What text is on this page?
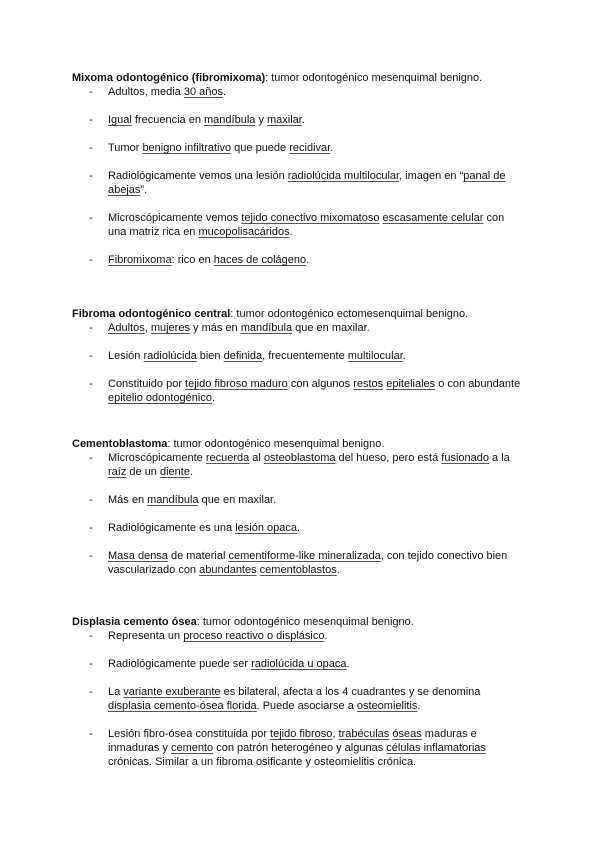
Mixoma odontogénico (fibromixoma): tumor odontogénico mesenquimal benigno.

- Adultos, media 30 años.
- Igual frecuencia en mandíbula y maxilar.
- Tumor benigno infiltrativo que puede recidivar.
- Radiológicamente vemos una lesión radiolúcida multilocular, imagen en “panal de abejas”.
- Microscópicamente vemos tejido conectivo mixomatoso escasamente celular con una matriz rica en mucopolisacáridos.
- Fibromixoma: rico en haces de colágeno.

Fibroma odontogénico central: tumor odontogénico ectomesenquimal benigno.

- Adultos, mujeres y más en mandíbula que en maxilar.
- Lesión radiolúcida bien definida, frecuentemente multilocular.
- Constituido por tejido fibroso maduro con algunos restos epiteliales o con abundante epitelio odontogénico.

Cementoblastoma: tumor odontogénico mesenquimal benigno.

- Microscópicamente recuerda al osteoblastoma del hueso, pero está fusionado a la raíz de un diente.
- Más en mandíbula que en maxilar.
- Radiológicamente es una lesión opaca.
- Masa densa de material cementiforme-like mineralizada, con tejido conectivo bien vascularizado con abundantes cementoblastos.

Displasia cemento ósea: tumor odontogénico mesenquimal benigno.

- Representa un proceso reactivo o displásico.
- Radiológicamente puede ser radiolúcida u opaca.
- La variante exuberante es bilateral, afecta a los 4 cuadrantes y se denomina displasia cemento-ósea florida. Puede asociarse a osteomielitis.
- Lesión fibro-ósea constituida por tejido fibroso, trabéculas óseas maduras e inmaduras y cemento con patrón heterogéneo y algunas células inflamatorias crónicas. Similar a un fibroma osificante y osteomielitis crónica.
